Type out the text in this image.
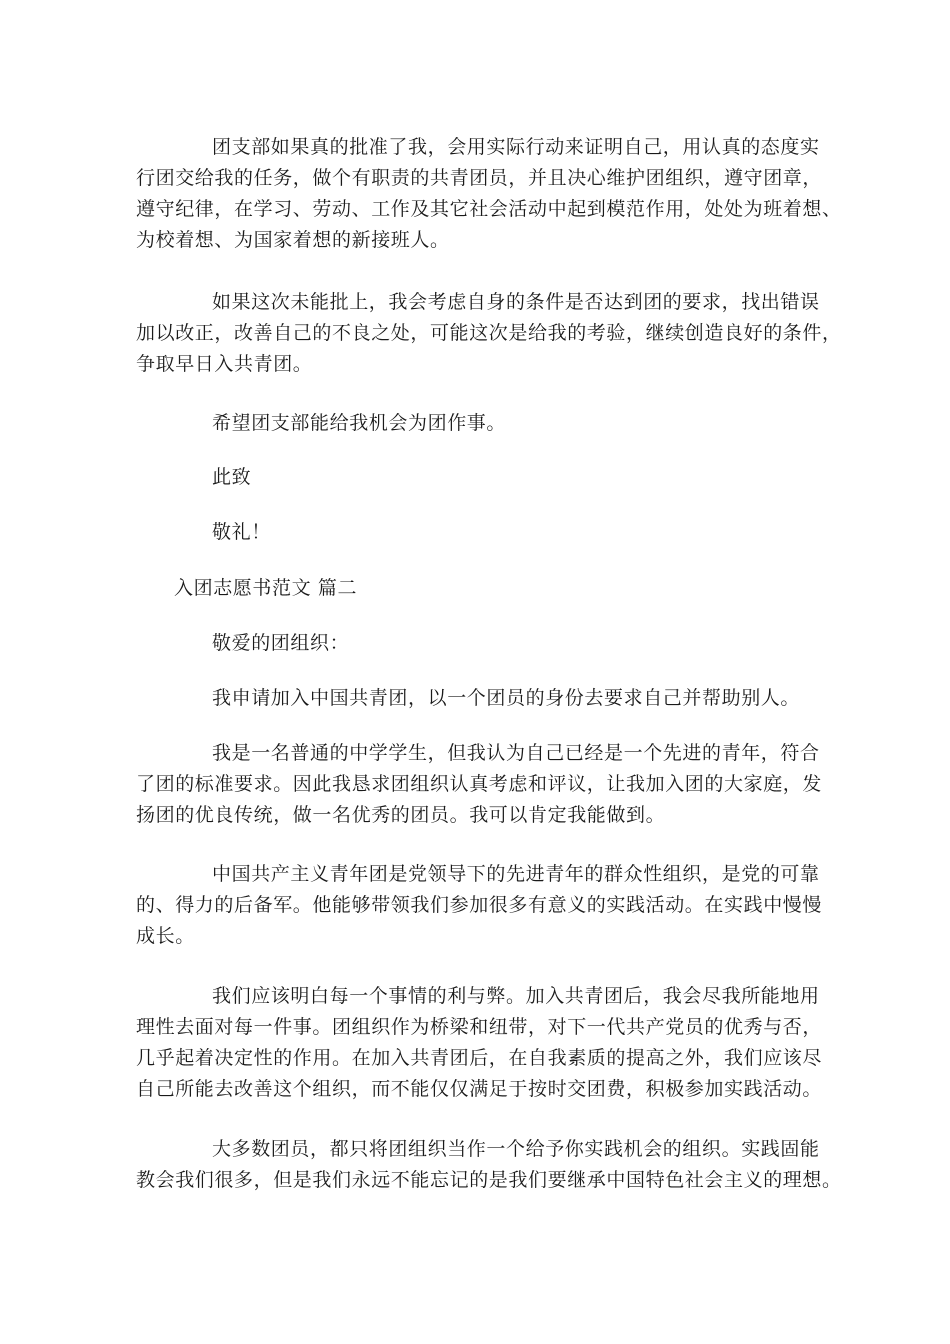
团支部如果真的批准了我，会用实际行动来证明自己，用认真的态度实
行团交给我的任务，做个有职责的共青团员，并且决心维护团组织，遵守团章，
遵守纪律，在学习、劳动、工作及其它社会活动中起到模范作用，处处为班着想、
为校着想、为国家着想的新接班人。
如果这次未能批上，我会考虑自身的条件是否达到团的要求，找出错误
加以改正，改善自己的不良之处，可能这次是给我的考验，继续创造良好的条件，
争取早日入共青团。
希望团支部能给我机会为团作事。
此致
敬礼！
入团志愿书范文 篇二
敬爱的团组织：
我申请加入中国共青团，以一个团员的身份去要求自己并帮助别人。
我是一名普通的中学学生，但我认为自己已经是一个先进的青年，符合
了团的标准要求。因此我恳求团组织认真考虑和评议，让我加入团的大家庭，发
扬团的优良传统，做一名优秀的团员。我可以肯定我能做到。
中国共产主义青年团是党领导下的先进青年的群众性组织，是党的可靠
的、得力的后备军。他能够带领我们参加很多有意义的实践活动。在实践中慢慢
成长。
我们应该明白每一个事情的利与弊。加入共青团后，我会尽我所能地用
理性去面对每一件事。团组织作为桥梁和纽带，对下一代共产党员的优秀与否，
几乎起着决定性的作用。在加入共青团后，在自我素质的提高之外，我们应该尽
自己所能去改善这个组织，而不能仅仅满足于按时交团费，积极参加实践活动。
大多数团员，都只将团组织当作一个给予你实践机会的组织。实践固能
教会我们很多，但是我们永远不能忘记的是我们要继承中国特色社会主义的理想。
